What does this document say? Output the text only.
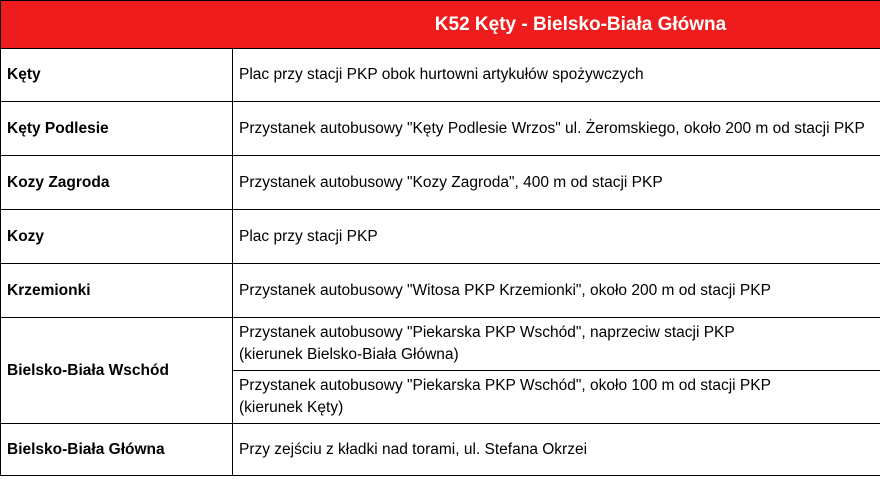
K52 Kęty - Bielsko-Biała Główna	
Kęty	Plac przy stacji PKP obok hurtowni artykułów spożywczych
Kęty Podlesie	Przystanek autobusowy "Kęty Podlesie Wrzos" ul. Żeromskiego, około 200 m od stacji PKP
Kozy Zagroda	Przystanek autobusowy "Kozy Zagroda", 400 m od stacji PKP
Kozy	Plac przy stacji PKP
Krzemionki	Przystanek autobusowy "Witosa PKP Krzemionki", około 200 m od stacji PKP
Bielsko-Biała Wschód	Przystanek autobusowy "Piekarska PKP Wschód", naprzeciw stacji PKP (kierunek Bielsko-Biała Główna)

	Przystanek autobusowy "Piekarska PKP Wschód", około 100 m od stacji PKP (kierunek Kęty)

Bielsko-Biała Główna	Przy zejściu z kładki nad torami, ul. Stefana Okrzei
